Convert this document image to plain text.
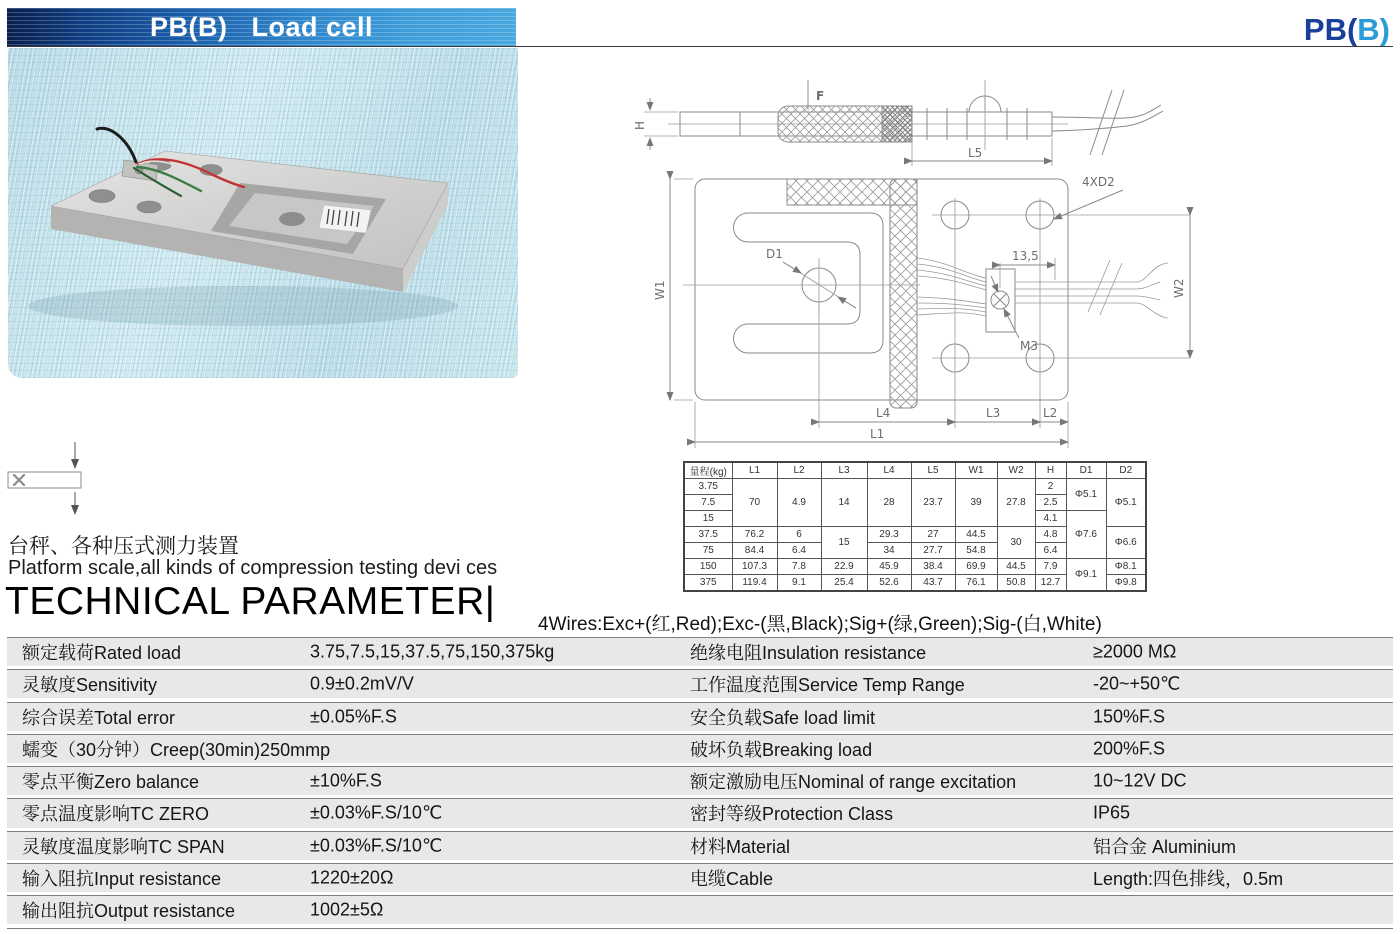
PB(B)   Load cell	PB(B)
F
H
L5
D1
4XD2
M3
13,5
W1	W2
L4	L3	L2
L1
量程(kg)	L1	L2	L3	L4	L5	W1	W2	H	D1	D2
3.75	70	4.9	14	28	23.7	39	27.8	2	Φ5.1	Φ5.1
7.5								2.5		
15								4.1	Φ7.6	
37.5	76.2	6	15	29.3	27	44.5	30	4.8		Φ6.6
75	84.4	6.4		34	27.7	54.8		6.4		
150	107.3	7.8	22.9	45.9	38.4	69.9	44.5	7.9	Φ9.1	Φ8.1
375	119.4	9.1	25.4	52.6	43.7	76.1	50.8	12.7		Φ9.8
台秤、各种压式测力装置
Platform scale,all kinds of compression testing devi ces
TECHNICAL PARAMETER|
4Wires:Exc+(红,Red);Exc-(黑,Black);Sig+(绿,Green);Sig-(白,White)
额定载荷Rated load	3.75,7.5,15,37.5,75,150,375kg	绝缘电阻Insulation resistance	≥2000 MΩ
灵敏度Sensitivity	0.9±0.2mV/V	工作温度范围Service Temp Range	-20~+50℃
综合误差Total error	±0.05%F.S	安全负载Safe load limit	150%F.S
蠕变（30分钟）Creep(30min)250mmp	破坏负载Breaking load	200%F.S
零点平衡Zero balance	±10%F.S	额定激励电压Nominal of range excitation	10~12V DC
零点温度影响TC ZERO	±0.03%F.S/10℃	密封等级Protection Class	IP65
灵敏度温度影响TC SPAN	±0.03%F.S/10℃	材料Material	铝合金 Aluminium
输入阻抗Input resistance	1220±20Ω	电缆Cable	Length:四色排线，0.5m
输出阻抗Output resistance	1002±5Ω
